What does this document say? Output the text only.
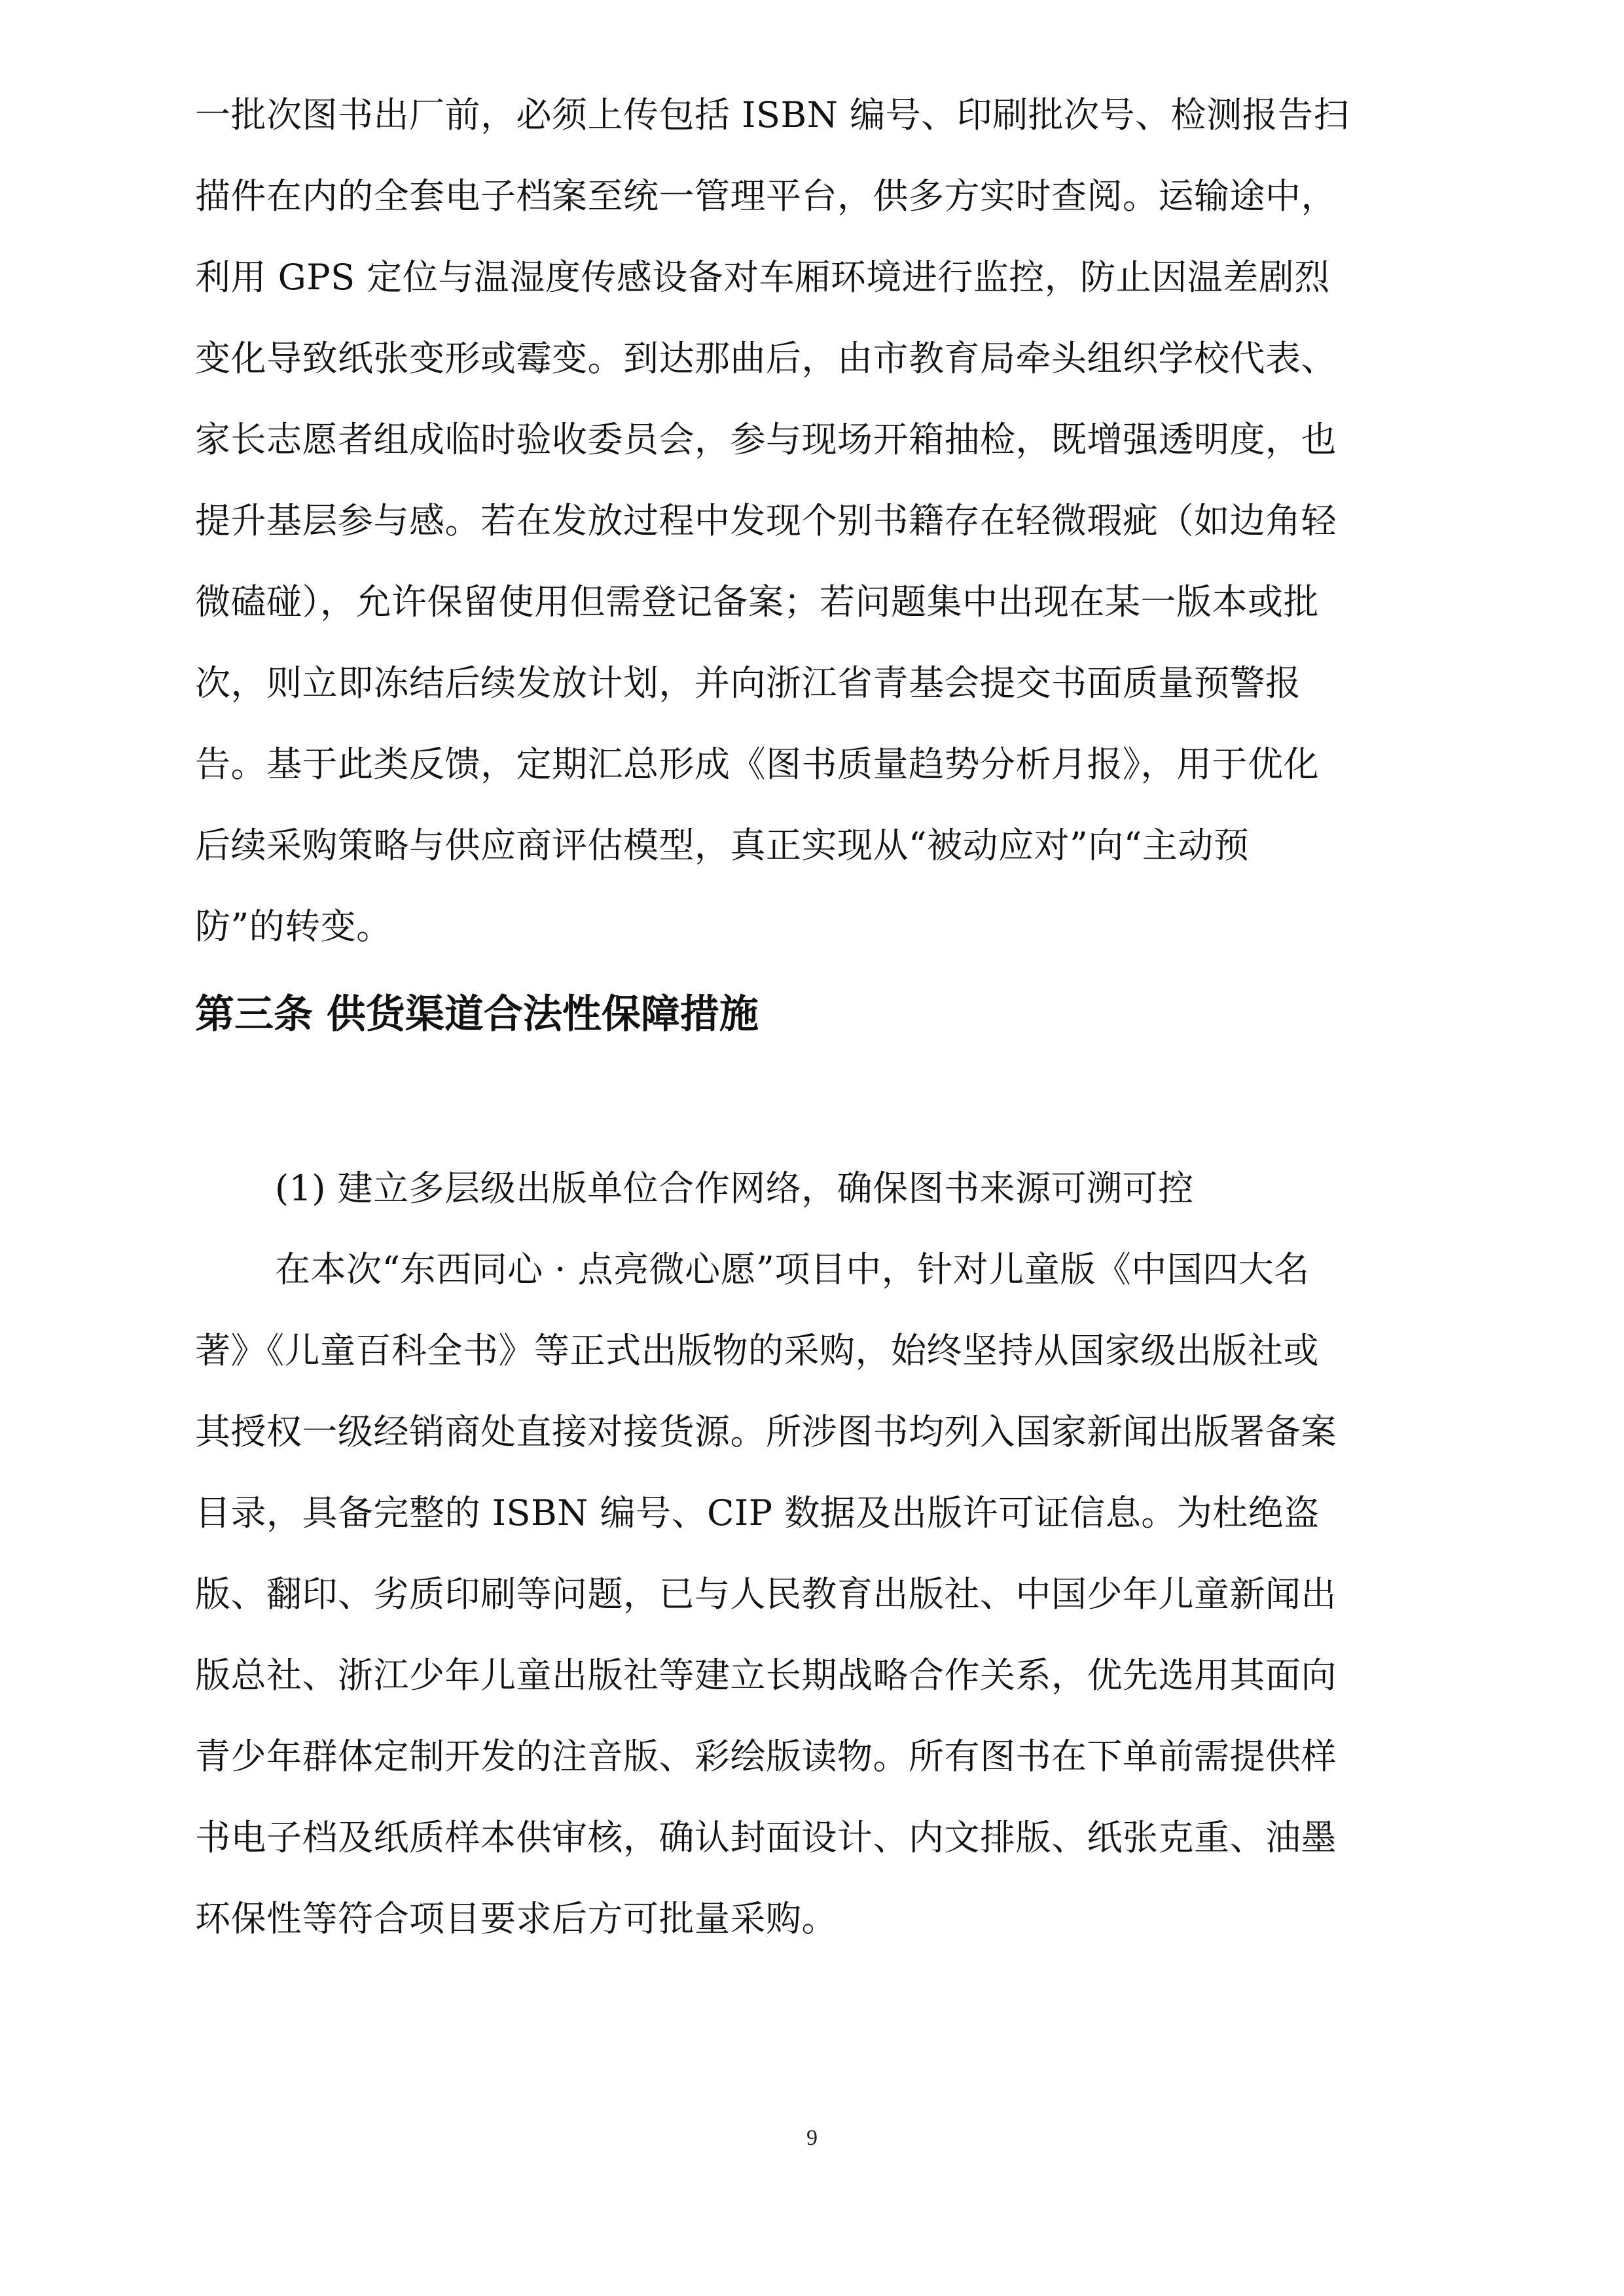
一批次图书出厂前，必须上传包括 ISBN 编号、印刷批次号、检测报告扫
描件在内的全套电子档案至统一管理平台，供多方实时查阅。运输途中，
利用 GPS 定位与温湿度传感设备对车厢环境进行监控，防止因温差剧烈
变化导致纸张变形或霉变。到达那曲后，由市教育局牵头组织学校代表、
家长志愿者组成临时验收委员会，参与现场开箱抽检，既增强透明度，也
提升基层参与感。若在发放过程中发现个别书籍存在轻微瑕疵（如边角轻
微磕碰），允许保留使用但需登记备案；若问题集中出现在某一版本或批
次，则立即冻结后续发放计划，并向浙江省青基会提交书面质量预警报
告。基于此类反馈，定期汇总形成《图书质量趋势分析月报》，用于优化
后续采购策略与供应商评估模型，真正实现从“被动应对”向“主动预
防”的转变。
第三条 供货渠道合法性保障措施
(1) 建立多层级出版单位合作网络，确保图书来源可溯可控
在本次“东西同心 · 点亮微心愿”项目中，针对儿童版《中国四大名
著》《儿童百科全书》等正式出版物的采购，始终坚持从国家级出版社或
其授权一级经销商处直接对接货源。所涉图书均列入国家新闻出版署备案
目录，具备完整的 ISBN 编号、CIP 数据及出版许可证信息。为杜绝盗
版、翻印、劣质印刷等问题，已与人民教育出版社、中国少年儿童新闻出
版总社、浙江少年儿童出版社等建立长期战略合作关系，优先选用其面向
青少年群体定制开发的注音版、彩绘版读物。所有图书在下单前需提供样
书电子档及纸质样本供审核，确认封面设计、内文排版、纸张克重、油墨
环保性等符合项目要求后方可批量采购。
9
